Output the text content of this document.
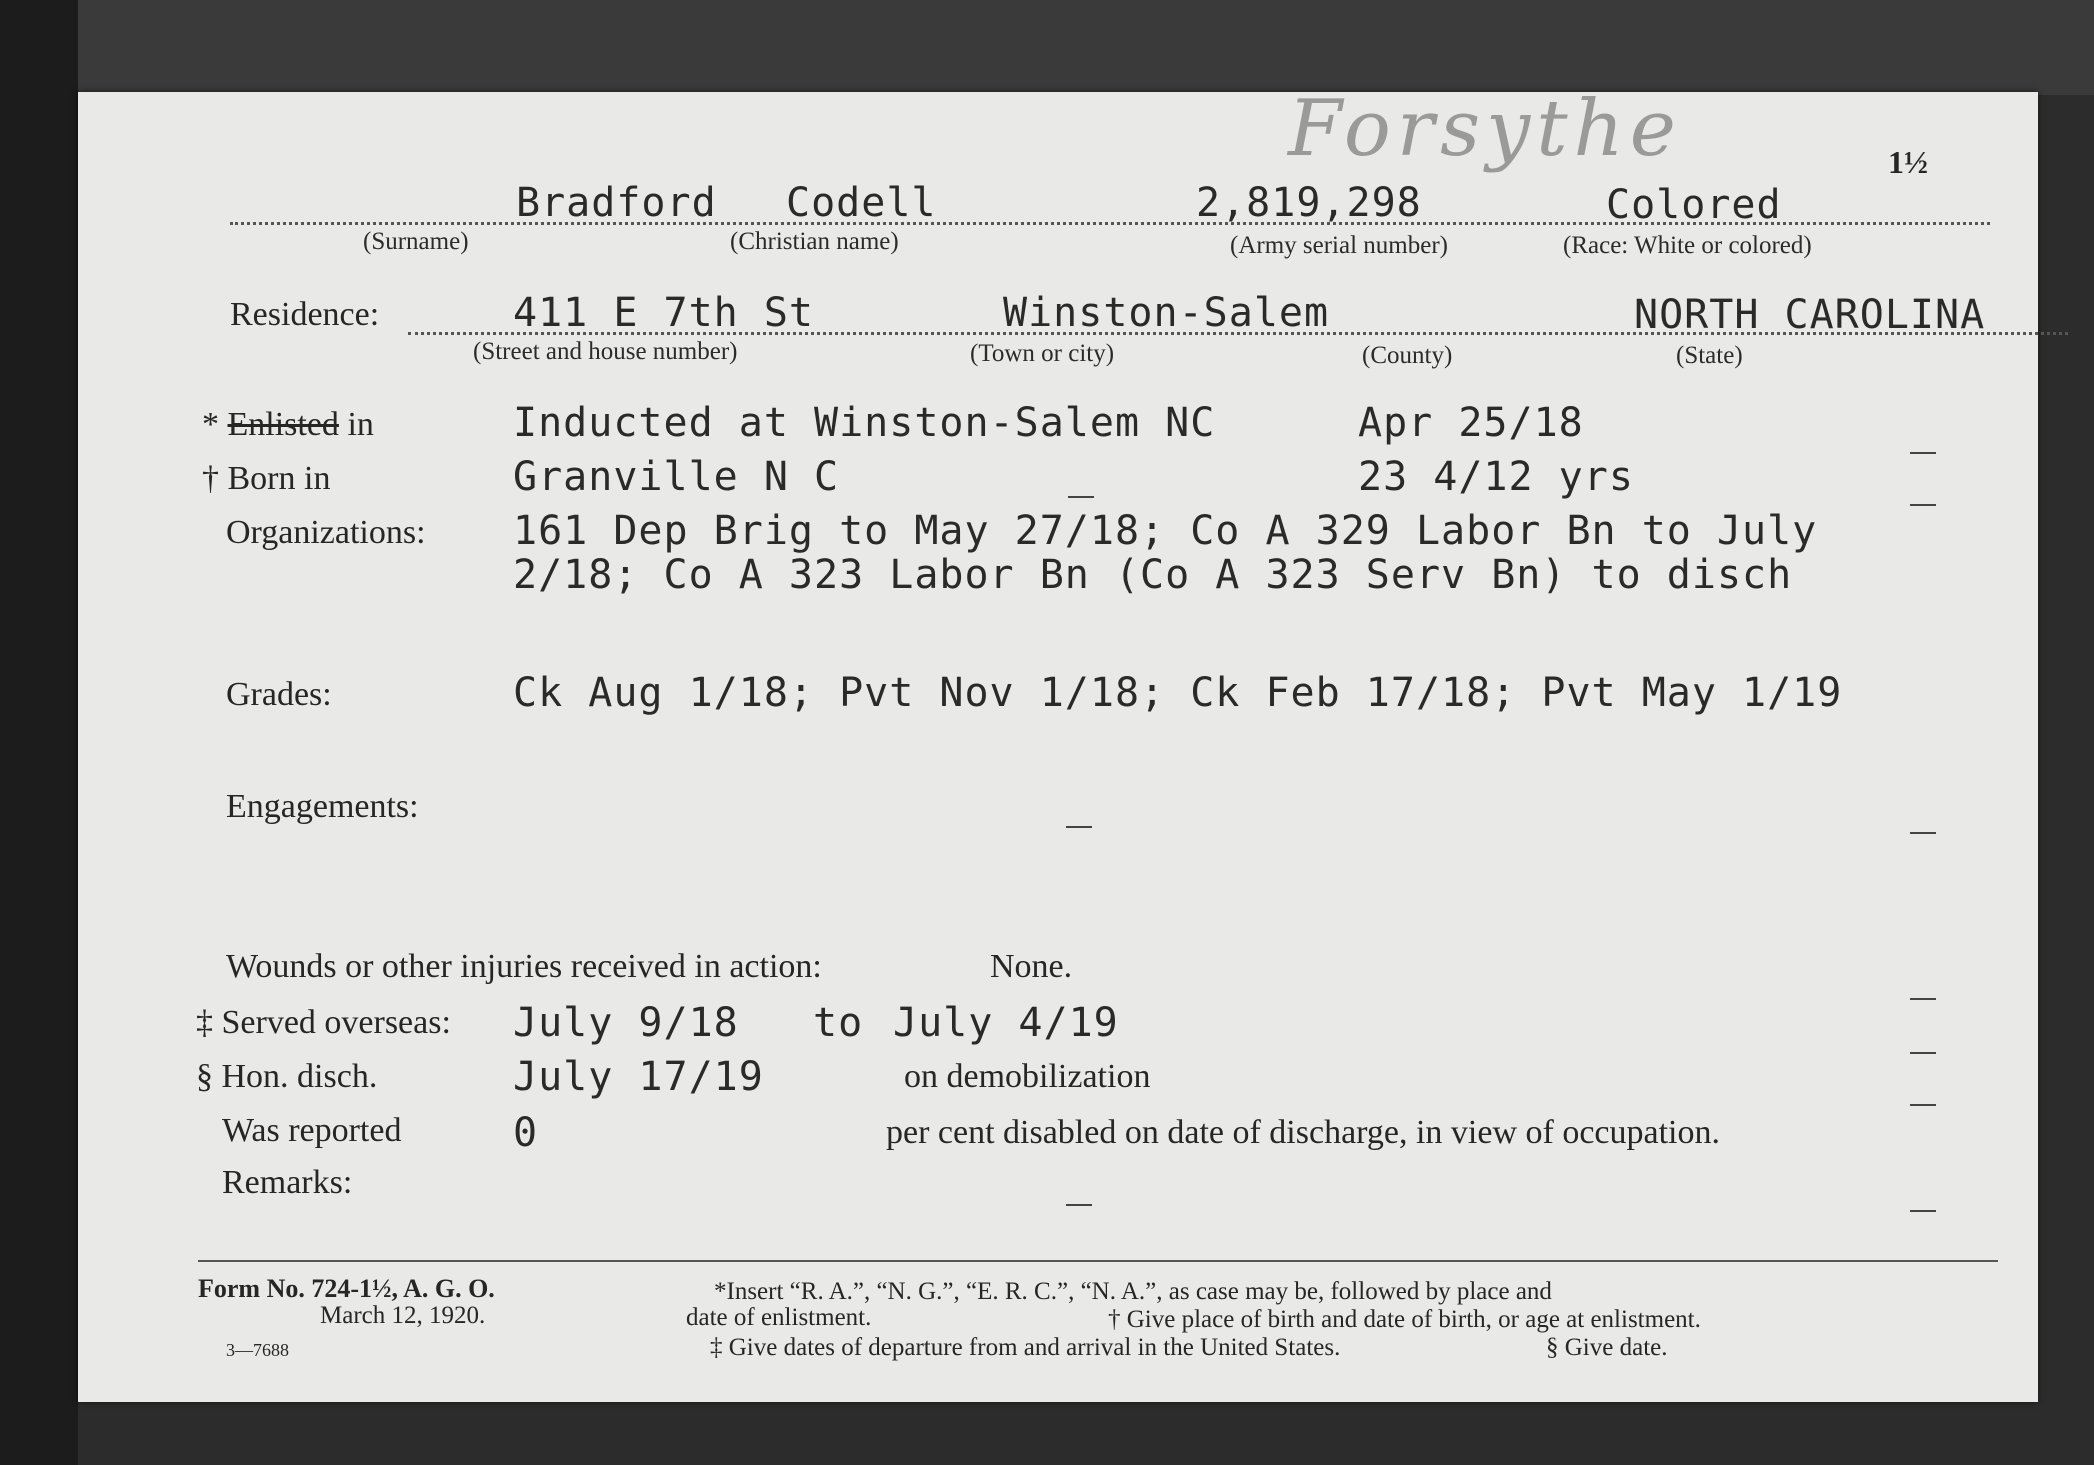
Forsythe	1½
Bradford Codell	2,819,298	Colored
(Surname)	(Christian name)	(Army serial number)	(Race: White or colored)
Residence:	411 E 7th St	Winston-Salem	NORTH CAROLINA
(Street and house number)	(Town or city)	(County)	(State)
* Enlisted in	Inducted at Winston-Salem NC	Apr 25/18
† Born in	Granville N C	23 4/12 yrs
Organizations: 161 Dep Brig to May 27/18; Co A 329 Labor Bn to July
2/18; Co A 323 Labor Bn (Co A 323 Serv Bn) to disch
Grades:	Ck Aug 1/18; Pvt Nov 1/18; Ck Feb 17/18; Pvt May 1/19
Engagements:
Wounds or other injuries received in action:	None.
‡ Served overseas: July 9/18 to July 4/19
§ Hon. disch.	July 17/19	on demobilization
Was reported	0	per cent disabled on date of discharge, in view of occupation.
Remarks:
Form No. 724-1½, A. G. O.
March 12, 1920.
3—7688
*Insert “R. A.”, “N. G.”, “E. R. C.”, “N. A.”, as case may be, followed by place and
date of enlistment.	† Give place of birth and date of birth, or age at enlistment.
‡ Give dates of departure from and arrival in the United States.	§ Give date.
